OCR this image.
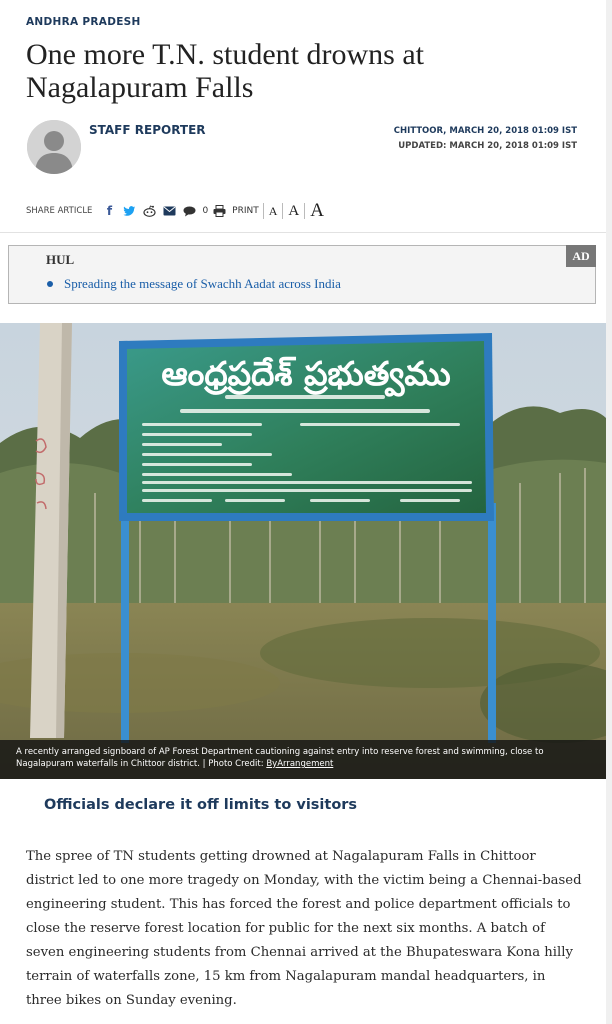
ANDHRA PRADESH
One more T.N. student drowns at Nagalapuram Falls
STAFF REPORTER	CHITTOOR, MARCH 20, 2018 01:09 IST
UPDATED: MARCH 20, 2018 01:09 IST
SHARE ARTICLE	f	0	PRINT A A A
HUL	AD
Spreading the message of Swachh Aadat across India
ఆంధ్రప్రదేశ్ ప్రభుత్వము
A recently arranged signboard of AP Forest Department cautioning against entry into reserve forest and swimming, close to Nagalapuram waterfalls in Chittoor district. | Photo Credit: ByArrangement
Officials declare it off limits to visitors

The spree of TN students getting drowned at Nagalapuram Falls in Chittoor district led to one more tragedy on Monday, with the victim being a Chennai-based engineering student. This has forced the forest and police department officials to close the reserve forest location for public for the next six months. A batch of seven engineering students from Chennai arrived at the Bhupateswara Kona hilly terrain of waterfalls zone, 15 km from Nagalapuram mandal headquarters, in three bikes on Sunday evening.
